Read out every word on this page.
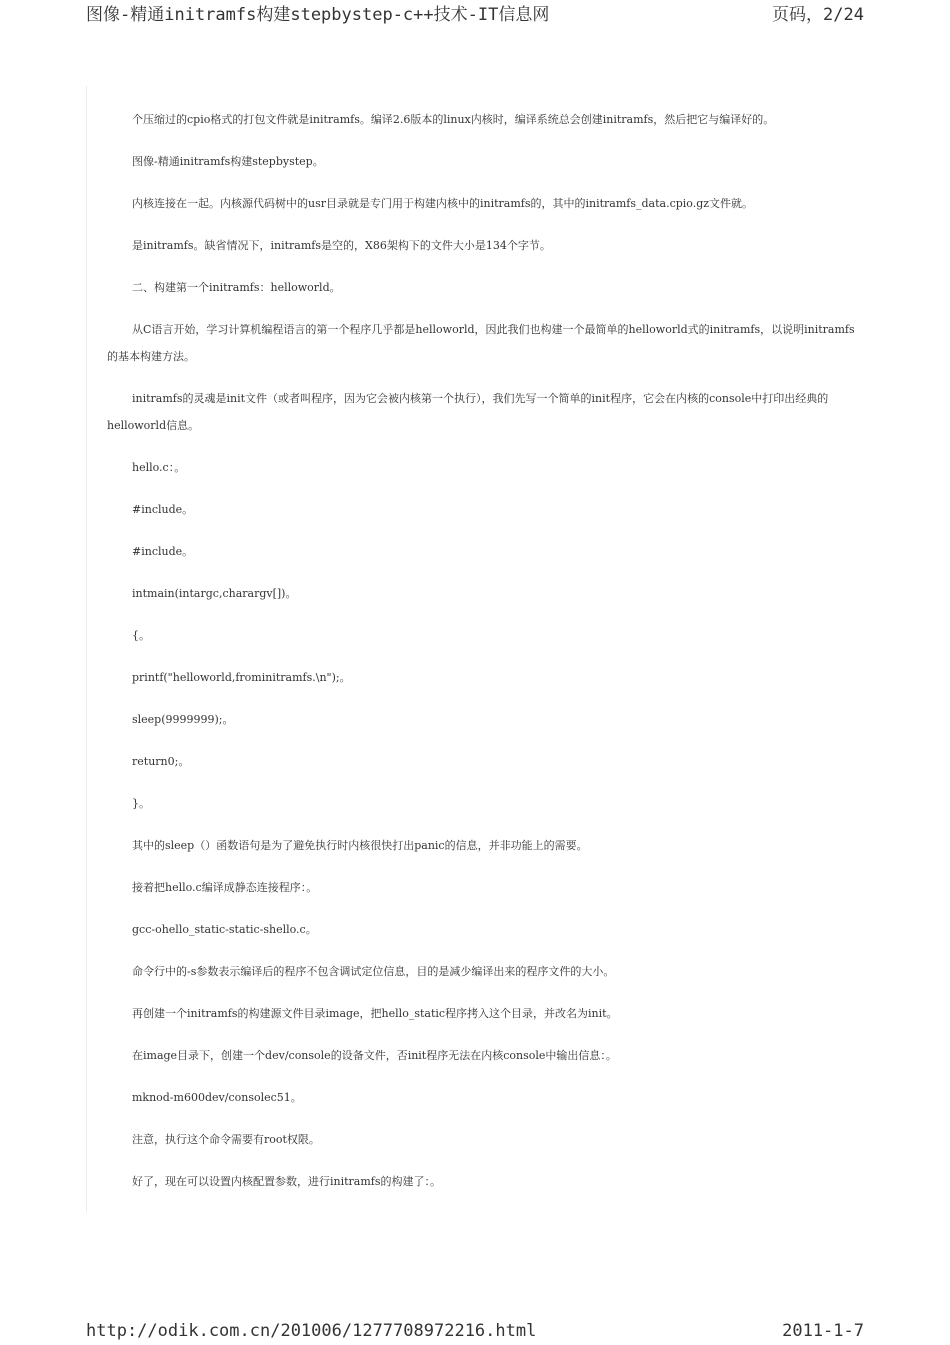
图像-精通initramfs构建stepbystep-c++技术-IT信息网	页码，2/24

个压缩过的cpio格式的打包文件就是initramfs。编译2.6版本的linux内核时，编译系统总会创建initramfs，然后把它与编译好的。

图像-精通initramfs构建stepbystep。

内核连接在一起。内核源代码树中的usr目录就是专门用于构建内核中的initramfs的，其中的initramfs_data.cpio.gz文件就。

是initramfs。缺省情况下，initramfs是空的，X86架构下的文件大小是134个字节。

二、构建第一个initramfs：helloworld。

从C语言开始，学习计算机编程语言的第一个程序几乎都是helloworld，因此我们也构建一个最简单的helloworld式的initramfs，以说明initramfs的基本构建方法。

initramfs的灵魂是init文件（或者叫程序，因为它会被内核第一个执行），我们先写一个简单的init程序，它会在内核的console中打印出经典的helloworld信息。

hello.c：。

#include。

#include。

intmain(intargc,charargv[])。

{。

printf("helloworld,frominitramfs.\n");。

sleep(9999999);。

return0;。

}。

其中的sleep（）函数语句是为了避免执行时内核很快打出panic的信息，并非功能上的需要。

接着把hello.c编译成静态连接程序：。

gcc-ohello_static-static-shello.c。

命令行中的-s参数表示编译后的程序不包含调试定位信息，目的是减少编译出来的程序文件的大小。

再创建一个initramfs的构建源文件目录image，把hello_static程序拷入这个目录，并改名为init。

在image目录下，创建一个dev/console的设备文件，否init程序无法在内核console中输出信息：。

mknod-m600dev/consolec51。

注意，执行这个命令需要有root权限。

好了，现在可以设置内核配置参数，进行initramfs的构建了：。

http://odik.com.cn/201006/1277708972216.html	2011-1-7
